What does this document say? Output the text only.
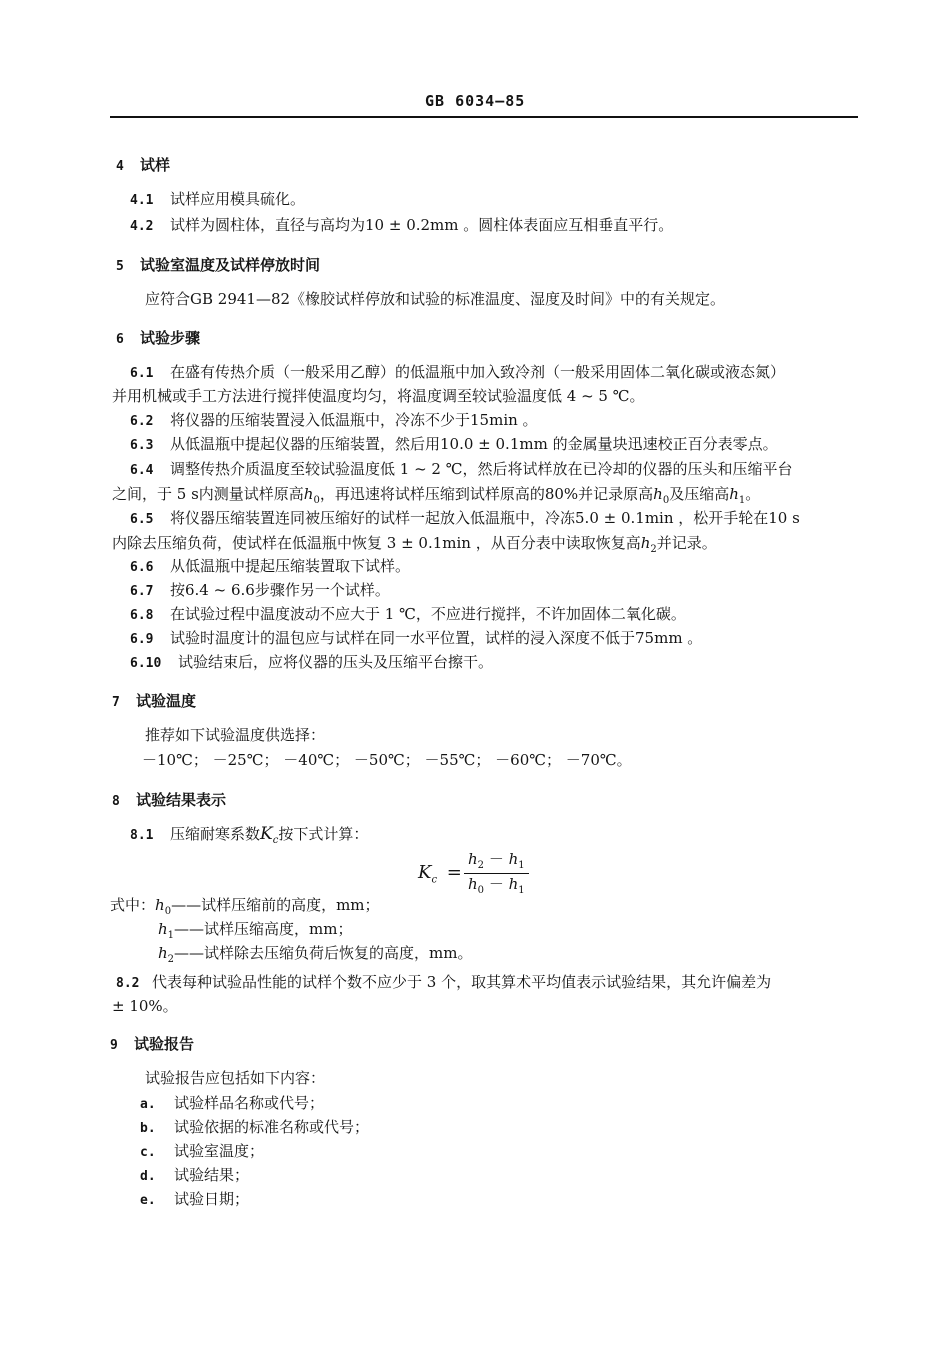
GB 6034—85
4 试样
4.1 试样应用模具硫化。
4.2 试样为圆柱体，直径与高均为10 ± 0.2mm 。圆柱体表面应互相垂直平行。
5 试验室温度及试样停放时间
应符合GB 2941—82《橡胶试样停放和试验的标准温度、湿度及时间》中的有关规定。
6 试验步骤
6.1 在盛有传热介质（一般采用乙醇）的低温瓶中加入致冷剂（一般采用固体二氧化碳或液态氮）
并用机械或手工方法进行搅拌使温度均匀，将温度调至较试验温度低 4 ~ 5 ℃。
6.2 将仪器的压缩装置浸入低温瓶中，冷冻不少于15min 。
6.3 从低温瓶中提起仪器的压缩装置，然后用10.0 ± 0.1mm 的金属量块迅速校正百分表零点。
6.4 调整传热介质温度至较试验温度低 1 ~ 2 ℃，然后将试样放在已冷却的仪器的压头和压缩平台
之间，于 5 s内测量试样原高$h_0$，再迅速将试样压缩到试样原高的80%并记录原高$h_0$及压缩高$h_1$。
6.5 将仪器压缩装置连同被压缩好的试样一起放入低温瓶中，冷冻5.0 ± 0.1min ，松开手轮在10 s
内除去压缩负荷，使试样在低温瓶中恢复 3 ± 0.1min ，从百分表中读取恢复高$h_2$并记录。
6.6 从低温瓶中提起压缩装置取下试样。
6.7 按6.4 ~ 6.6步骤作另一个试样。
6.8 在试验过程中温度波动不应大于 1 ℃，不应进行搅拌，不许加固体二氧化碳。
6.9 试验时温度计的温包应与试样在同一水平位置，试样的浸入深度不低于75mm 。
6.10 试验结束后，应将仪器的压头及压缩平台擦干。
7 试验温度
推荐如下试验温度供选择：
－10℃； －25℃； －40℃； －50℃； －55℃； －60℃； －70℃。
8 试验结果表示
8.1 压缩耐寒系数$K_c$按下式计算：
$K_c = \frac{h_2 - h_1}{h_0 - h_1}$
式中：$h_0——$试样压缩前的高度，mm；
$h_1——$试样压缩高度，mm；
$h_2——$试样除去压缩负荷后恢复的高度，mm。
8.2 代表每种试验品性能的试样个数不应少于 3 个，取其算术平均值表示试验结果，其允许偏差为
± 10%。
9 试验报告
试验报告应包括如下内容：
a. 试验样品名称或代号；
b. 试验依据的标准名称或代号；
c. 试验室温度；
d. 试验结果；
e. 试验日期；
